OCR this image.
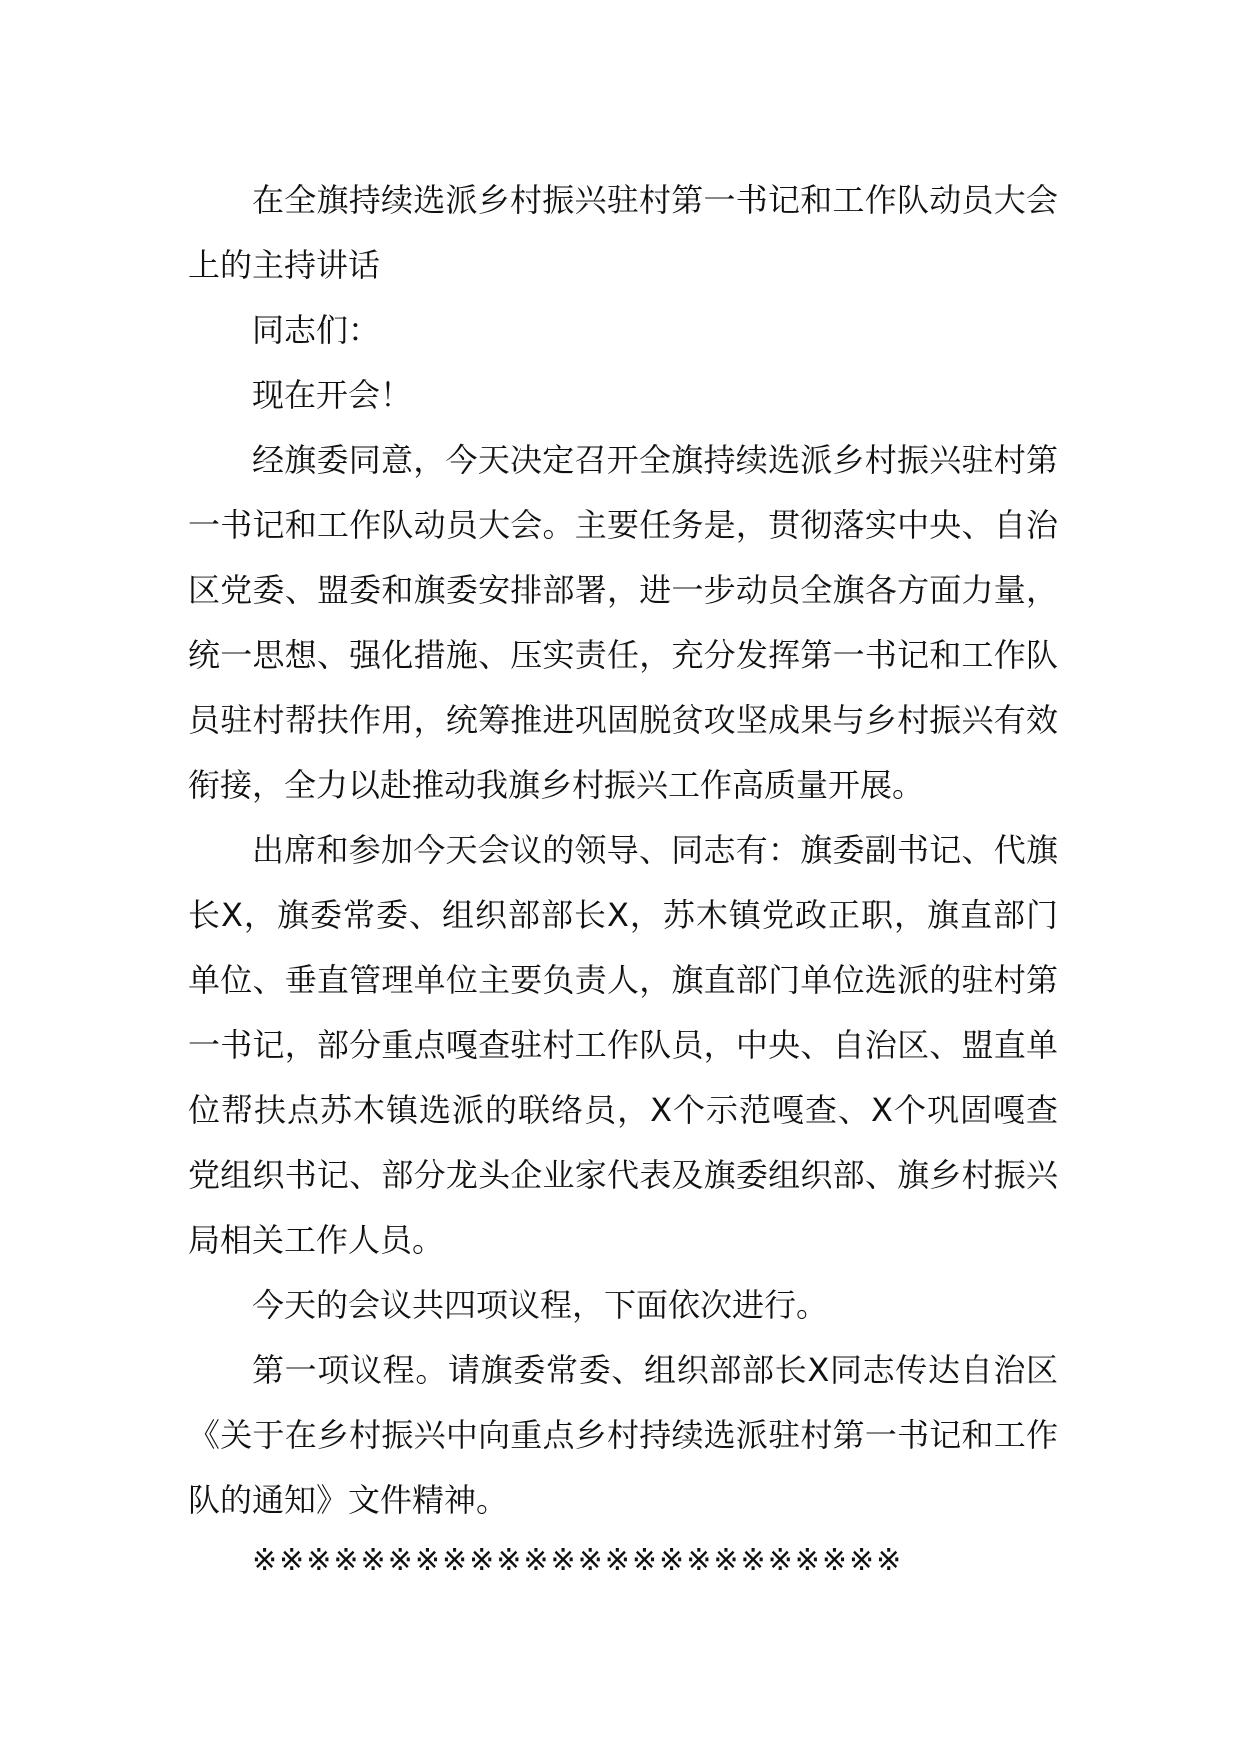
在全旗持续选派乡村振兴驻村第一书记和工作队动员大会上的主持讲话

同志们：

现在开会！

经旗委同意，今天决定召开全旗持续选派乡村振兴驻村第一书记和工作队动员大会。主要任务是，贯彻落实中央、自治区党委、盟委和旗委安排部署，进一步动员全旗各方面力量，统一思想、强化措施、压实责任，充分发挥第一书记和工作队员驻村帮扶作用，统筹推进巩固脱贫攻坚成果与乡村振兴有效衔接，全力以赴推动我旗乡村振兴工作高质量开展。

出席和参加今天会议的领导、同志有：旗委副书记、代旗长X，旗委常委、组织部部长X，苏木镇党政正职，旗直部门单位、垂直管理单位主要负责人，旗直部门单位选派的驻村第一书记，部分重点嘎查驻村工作队员，中央、自治区、盟直单位帮扶点苏木镇选派的联络员，X个示范嘎查、X个巩固嘎查党组织书记、部分龙头企业家代表及旗委组织部、旗乡村振兴局相关工作人员。

今天的会议共四项议程，下面依次进行。

第一项议程。请旗委常委、组织部部长X同志传达自治区《关于在乡村振兴中向重点乡村持续选派驻村第一书记和工作队的通知》文件精神。

※※※※※※※※※※※※※※※※※※※※※※※※
